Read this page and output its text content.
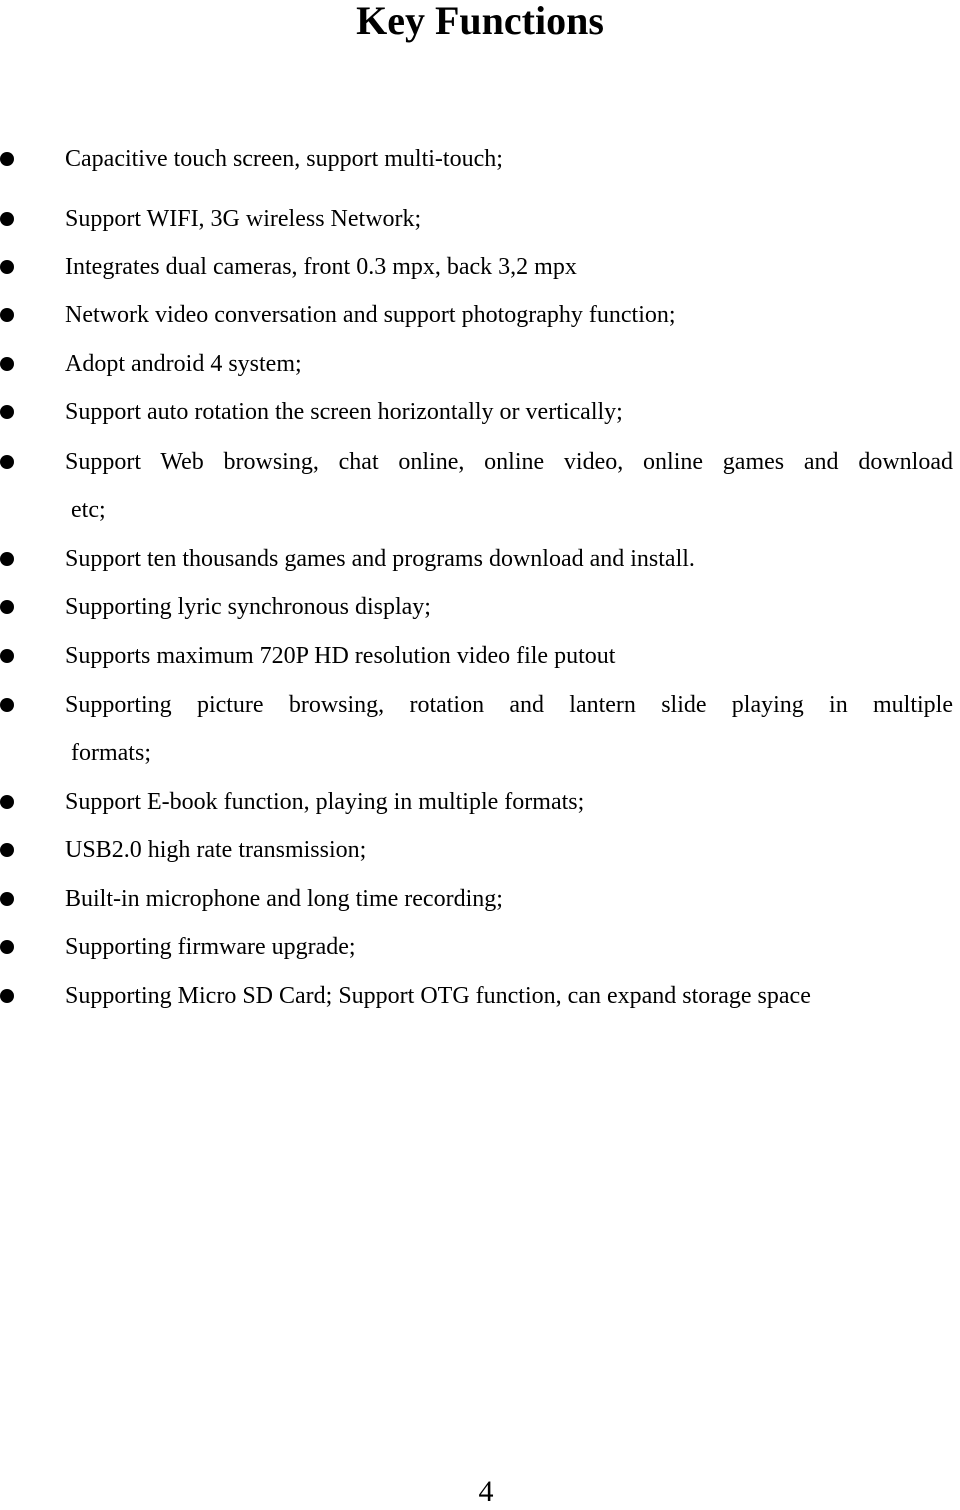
Key Functions
Capacitive touch screen, support multi-touch;
Support WIFI, 3G wireless Network;
Integrates dual cameras, front 0.3 mpx, back 3,2 mpx
Network video conversation and support photography function;
Adopt android 4 system;
Support auto rotation the screen horizontally or vertically;
Support Web browsing, chat online, online video, online games and download
etc;
Support ten thousands games and programs download and install.
Supporting lyric synchronous display;
Supports maximum 720P HD resolution video file putout
Supporting picture browsing, rotation and lantern slide playing in multiple
formats;
Support E-book function, playing in multiple formats;
USB2.0 high rate transmission;
Built-in microphone and long time recording;
Supporting firmware upgrade;
Supporting Micro SD Card; Support OTG function, can expand storage space
4
